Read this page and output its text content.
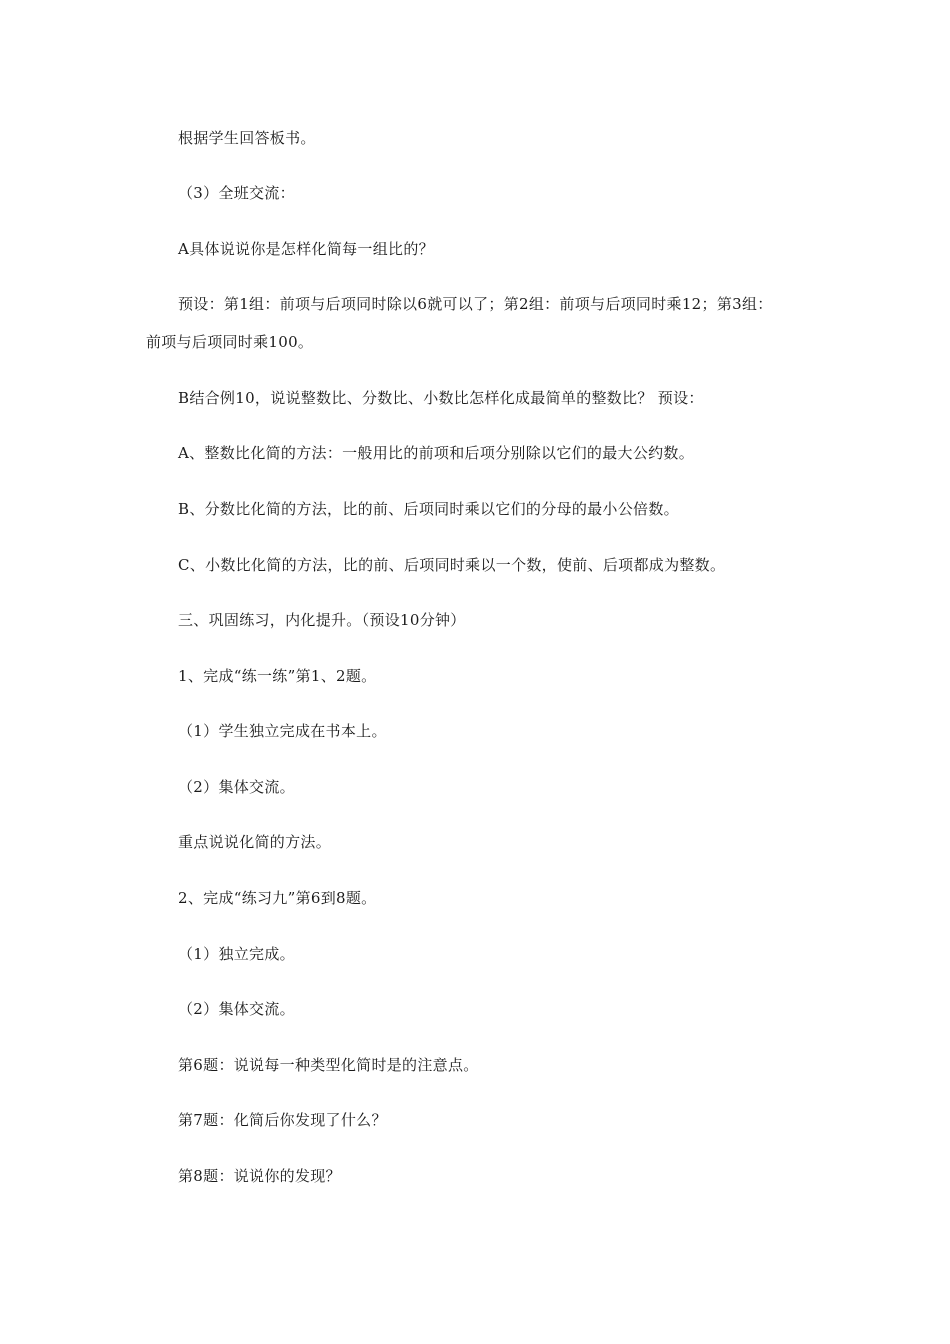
根据学生回答板书。
（3）全班交流：
A具体说说你是怎样化简每一组比的？
预设：第1组：前项与后项同时除以6就可以了；第2组：前项与后项同时乘12；第3组：
前项与后项同时乘100。
B结合例10，说说整数比、分数比、小数比怎样化成最简单的整数比？ 预设：
A、整数比化简的方法：一般用比的前项和后项分别除以它们的最大公约数。
B、分数比化简的方法，比的前、后项同时乘以它们的分母的最小公倍数。
C、小数比化简的方法，比的前、后项同时乘以一个数，使前、后项都成为整数。
三、巩固练习，内化提升。（预设10分钟）
1、完成“练一练”第1、2题。
（1）学生独立完成在书本上。
（2）集体交流。
重点说说化简的方法。
2、完成“练习九”第6到8题。
（1）独立完成。
（2）集体交流。
第6题：说说每一种类型化简时是的注意点。
第7题：化简后你发现了什么？
第8题：说说你的发现？
